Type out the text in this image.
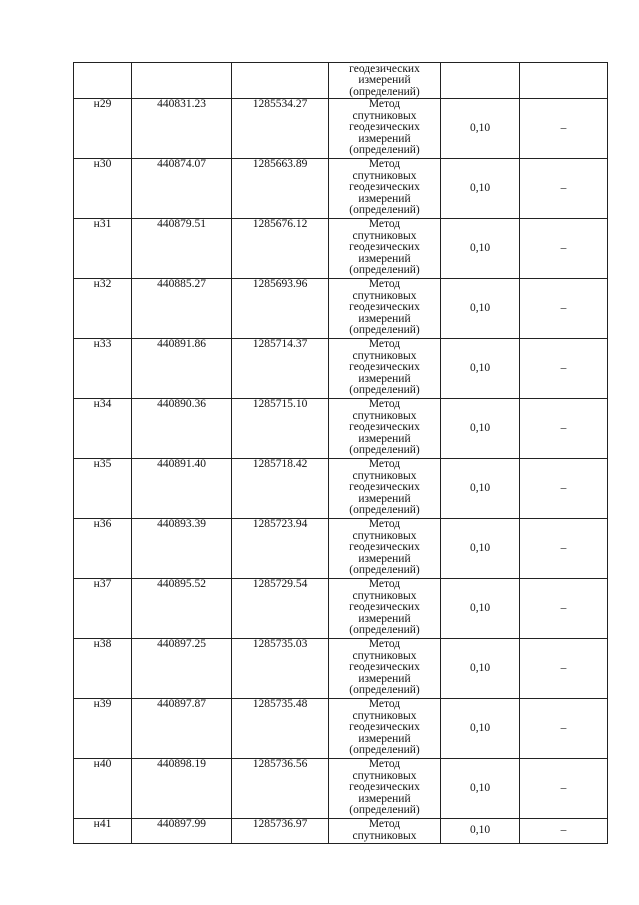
			геодезических
измерений
(определений)		

н29	440831.23	1285534.27	Метод
спутниковых
геодезических
измерений
(определений)	0,10	–
н30	440874.07	1285663.89	Метод
спутниковых
геодезических
измерений
(определений)	0,10	–
н31	440879.51	1285676.12	Метод
спутниковых
геодезических
измерений
(определений)	0,10	–
н32	440885.27	1285693.96	Метод
спутниковых
геодезических
измерений
(определений)	0,10	–
н33	440891.86	1285714.37	Метод
спутниковых
геодезических
измерений
(определений)	0,10	–
н34	440890.36	1285715.10	Метод
спутниковых
геодезических
измерений
(определений)	0,10	–
н35	440891.40	1285718.42	Метод
спутниковых
геодезических
измерений
(определений)	0,10	–
н36	440893.39	1285723.94	Метод
спутниковых
геодезических
измерений
(определений)	0,10	–
н37	440895.52	1285729.54	Метод
спутниковых
геодезических
измерений
(определений)	0,10	–
н38	440897.25	1285735.03	Метод
спутниковых
геодезических
измерений
(определений)	0,10	–
н39	440897.87	1285735.48	Метод
спутниковых
геодезических
измерений
(определений)	0,10	–
н40	440898.19	1285736.56	Метод
спутниковых
геодезических
измерений
(определений)	0,10	–
н41	440897.99	1285736.97	Метод
спутниковых	0,10	–
